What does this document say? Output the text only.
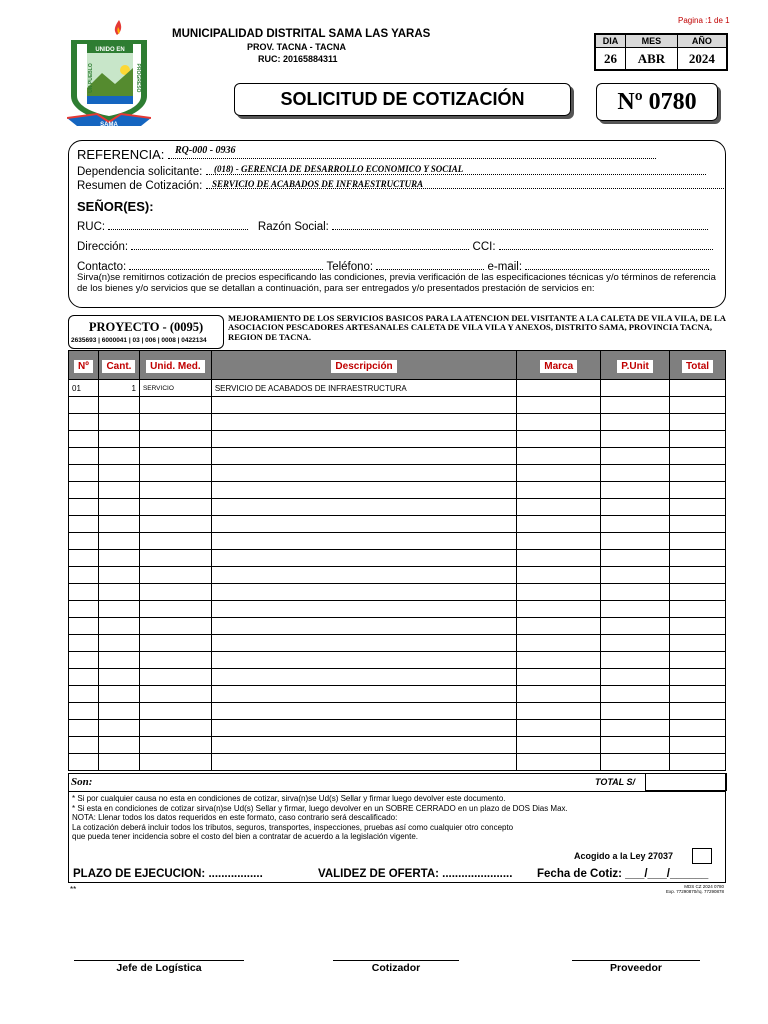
Pagina :1 de 1
UNIDO EN
UN PUEBLO	PROGRESO
SAMA
MUNICIPALIDAD DISTRITAL SAMA LAS YARAS
PROV. TACNA - TACNA
RUC: 20165884311
DIA	MES	AÑO
26	ABR	2024
SOLICITUD DE COTIZACIÓN	Nº 0780
REFERENCIA:	RQ-000 - 0936
Dependencia solicitante:	(018) - GERENCIA DE DESARROLLO ECONOMICO Y SOCIAL
Resumen de Cotización:	SERVICIO DE ACABADOS DE INFRAESTRUCTURA
SEÑOR(ES):
RUC:	Razón Social:
Dirección:	CCI:
Contacto:	Teléfono:	e-mail:
Sirva(n)se remitirnos cotización de precios especificando las condiciones, previa verificación de las especificaciones técnicas y/o términos de referencia de los bienes y/o servicios que se detallan a continuación, para ser entregados y/o presentados prestación de servicios en:
PROYECTO - (0095)
2635693 | 6000041 | 03 | 006 | 0008 | 0422134
MEJORAMIENTO DE LOS SERVICIOS BASICOS PARA LA ATENCION DEL VISITANTE A LA CALETA DE VILA VILA, DE LA ASOCIACION PESCADORES ARTESANALES CALETA DE VILA VILA Y ANEXOS, DISTRITO SAMA, PROVINCIA TACNA, REGION DE TACNA.
Nº	Cant.	Unid. Med.	Descripción	Marca	P.Unit	Total
01	1	SERVICIO	SERVICIO DE ACABADOS DE INFRAESTRUCTURA			

Son:	TOTAL S/
* Si por cualquier causa no esta en condiciones de cotizar, sirva(n)se Ud(s) Sellar y firmar luego devolver este documento.
* Si esta en condiciones de cotizar sirva(n)se Ud(s) Sellar y firmar, luego devolver en un SOBRE CERRADO en un plazo de DOS Dias Max.
NOTA: Llenar todos los datos requeridos en este formato, caso contrario será descalificado:
La cotización deberá incluir todos los tributos, seguros, transportes, inspecciones, pruebas así como cualquier otro concepto
que pueda tener incidencia sobre el costo del bien a contratar de acuerdo a la legislación vigente.
Acogido a la Ley 27037
PLAZO DE EJECUCION: .................	VALIDEZ DE OFERTA: ...................... Fecha de Cotiz: ___/___/______
**	MDS CZ 2024 0780
Exp. 77290870/rq. 77290878
Jefe de Logística	Cotizador	Proveedor
